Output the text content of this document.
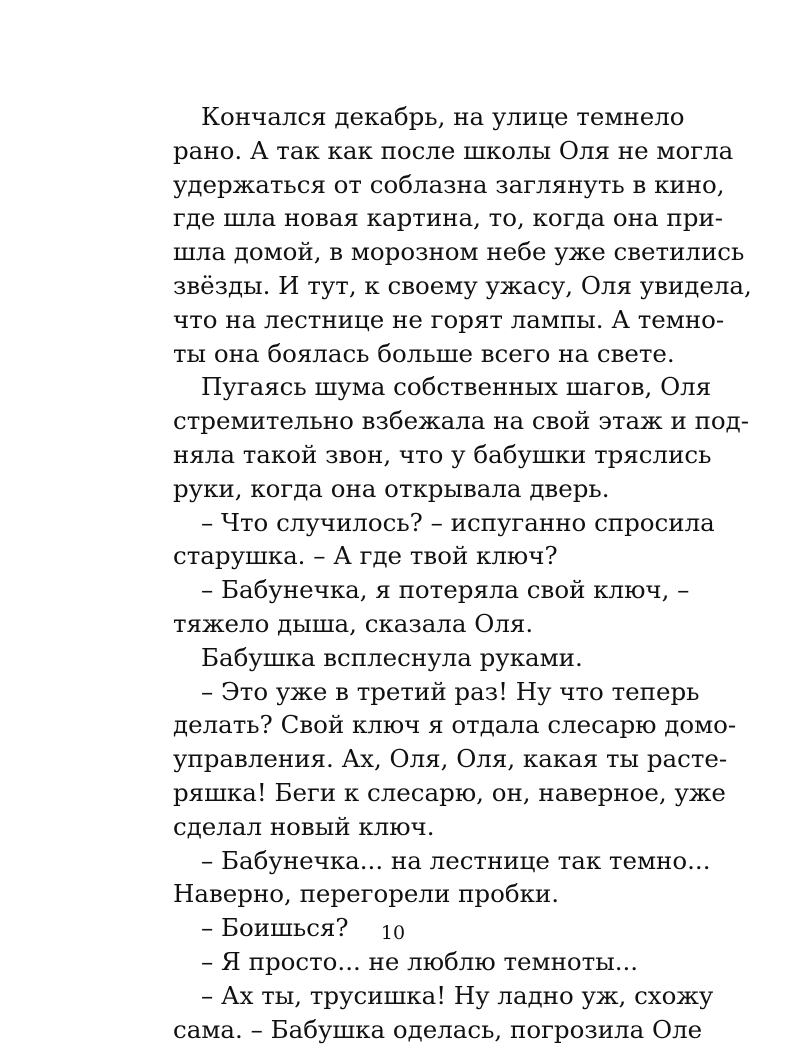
Кончался декабрь, на улице темнело
рано. А так как после школы Оля не могла
удержаться от соблазна заглянуть в кино,
где шла новая картина, то, когда она при-
шла домой, в морозном небе уже светились
звёзды. И тут, к своему ужасу, Оля увидела,
что на лестнице не горят лампы. А темно-
ты она боялась больше всего на свете.
Пугаясь шума собственных шагов, Оля
стремительно взбежала на свой этаж и под-
няла такой звон, что у бабушки тряслись
руки, когда она открывала дверь.
– Что случилось? – испуганно спросила
старушка. – А где твой ключ?
– Бабунечка, я потеряла свой ключ, –
тяжело дыша, сказала Оля.
Бабушка всплеснула руками.
– Это уже в третий раз! Ну что теперь
делать? Свой ключ я отдала слесарю домо-
управления. Ах, Оля, Оля, какая ты расте-
ряшка! Беги к слесарю, он, наверное, уже
сделал новый ключ.
– Бабунечка... на лестнице так темно...
Наверно, перегорели пробки.
– Боишься?
– Я просто... не люблю темноты...
– Ах ты, трусишка! Ну ладно уж, схожу
сама. – Бабушка оделась, погрозила Оле
10
